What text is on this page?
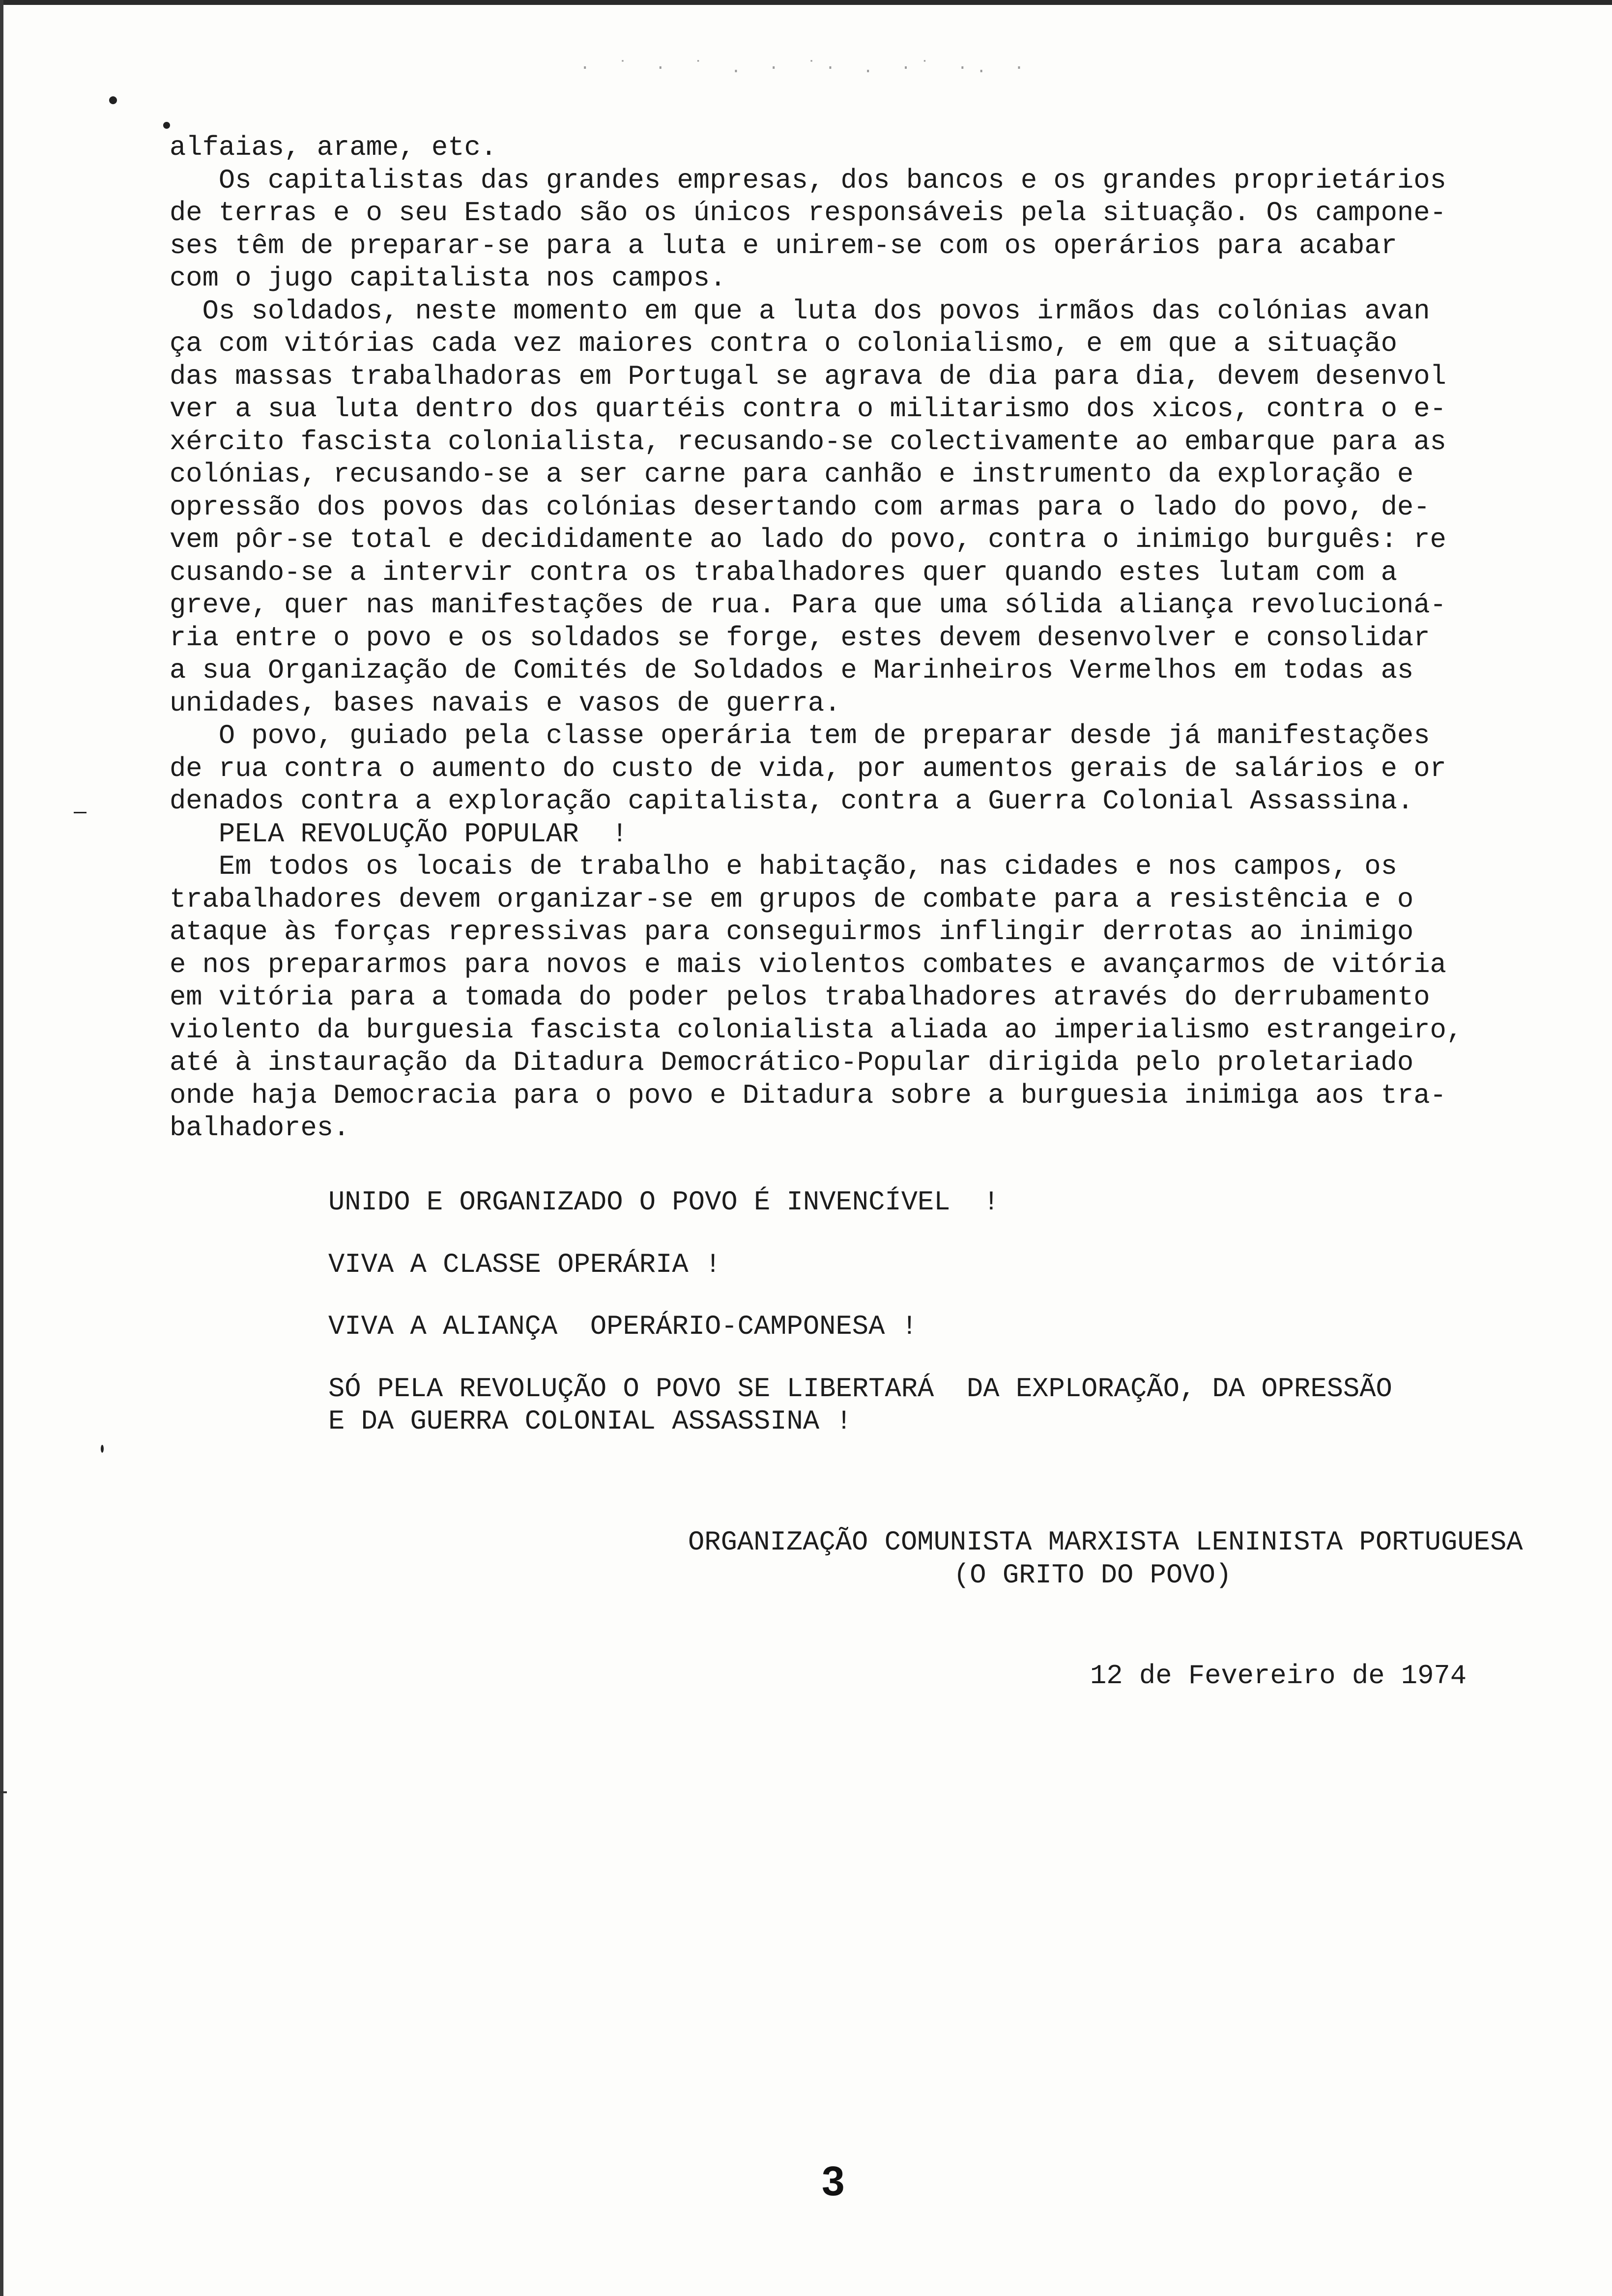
· ˙ · ˙ . · ˙· . ·˙ ·. ·
alfaias, arame, etc.
Os capitalistas das grandes empresas, dos bancos e os grandes proprietários
de terras e o seu Estado são os únicos responsáveis pela situação. Os campone-
ses têm de preparar-se para a luta e unirem-se com os operários para acabar
com o jugo capitalista nos campos.
Os soldados, neste momento em que a luta dos povos irmãos das colónias avan
ça com vitórias cada vez maiores contra o colonialismo, e em que a situação
das massas trabalhadoras em Portugal se agrava de dia para dia, devem desenvol
ver a sua luta dentro dos quartéis contra o militarismo dos xicos, contra o e-
xército fascista colonialista, recusando-se colectivamente ao embarque para as
colónias, recusando-se a ser carne para canhão e instrumento da exploração e
opressão dos povos das colónias desertando com armas para o lado do povo, de-
vem pôr-se total e decididamente ao lado do povo, contra o inimigo burguês: re
cusando-se a intervir contra os trabalhadores quer quando estes lutam com a
greve, quer nas manifestações de rua. Para que uma sólida aliança revolucioná-
ria entre o povo e os soldados se forge, estes devem desenvolver e consolidar
a sua Organização de Comités de Soldados e Marinheiros Vermelhos em todas as
unidades, bases navais e vasos de guerra.
O povo, guiado pela classe operária tem de preparar desde já manifestações
de rua contra o aumento do custo de vida, por aumentos gerais de salários e or
denados contra a exploração capitalista, contra a Guerra Colonial Assassina.
PELA REVOLUÇÃO POPULAR  !
Em todos os locais de trabalho e habitação, nas cidades e nos campos, os
trabalhadores devem organizar-se em grupos de combate para a resistência e o
ataque às forças repressivas para conseguirmos inflingir derrotas ao inimigo
e nos prepararmos para novos e mais violentos combates e avançarmos de vitória
em vitória para a tomada do poder pelos trabalhadores através do derrubamento
violento da burguesia fascista colonialista aliada ao imperialismo estrangeiro,
até à instauração da Ditadura Democrático-Popular dirigida pelo proletariado
onde haja Democracia para o povo e Ditadura sobre a burguesia inimiga aos tra-
balhadores.
UNIDO E ORGANIZADO O POVO É INVENCÍVEL  !
VIVA A CLASSE OPERÁRIA !
VIVA A ALIANÇA  OPERÁRIO-CAMPONESA !
SÓ PELA REVOLUÇÃO O POVO SE LIBERTARÁ  DA EXPLORAÇÃO, DA OPRESSÃO
E DA GUERRA COLONIAL ASSASSINA !
ORGANIZAÇÃO COMUNISTA MARXISTA LENINISTA PORTUGUESA
(O GRITO DO POVO)
12 de Fevereiro de 1974
3
